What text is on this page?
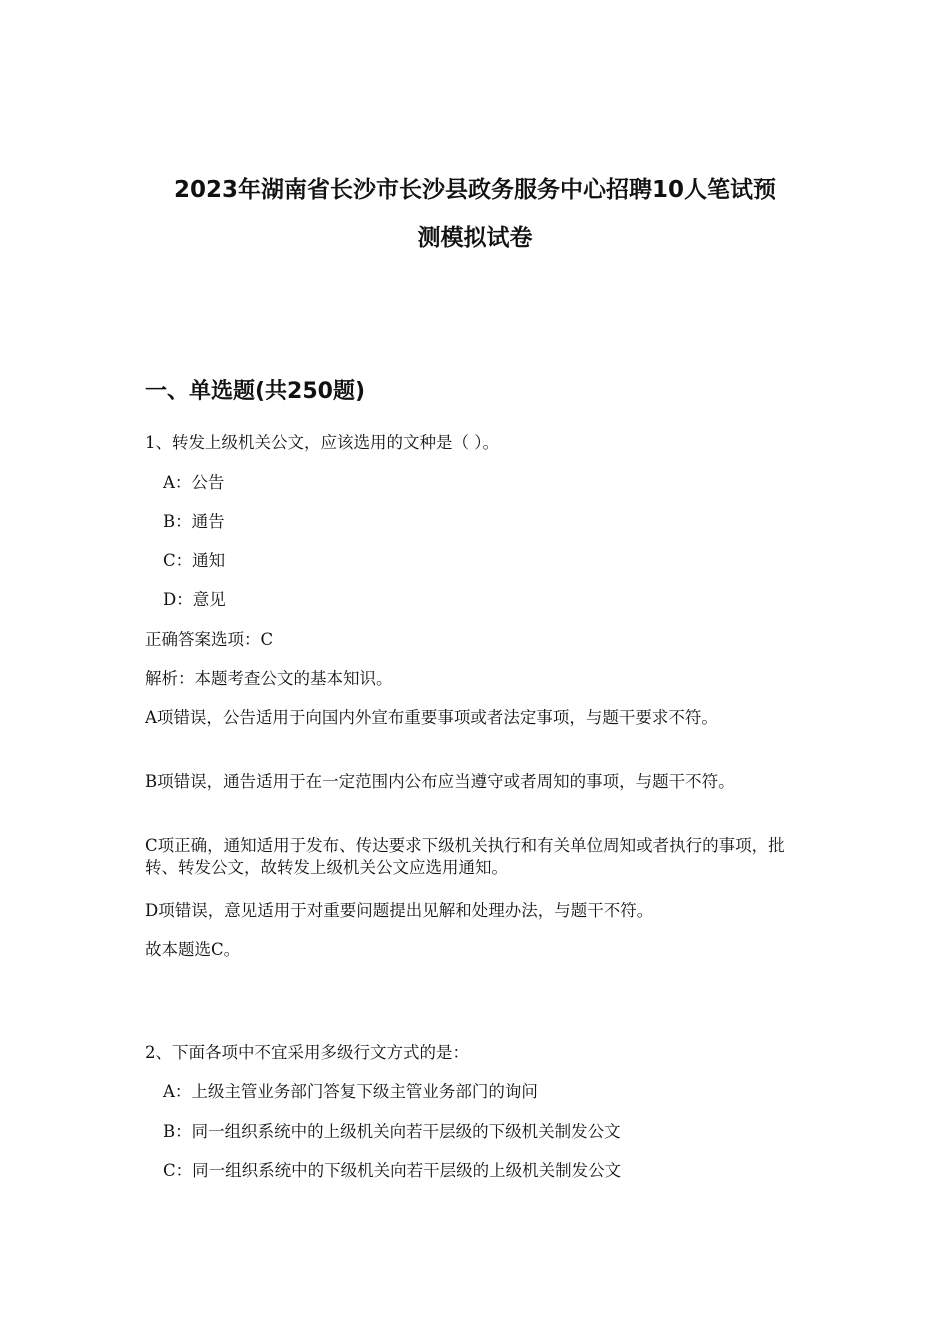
2023年湖南省长沙市长沙县政务服务中心招聘10人笔试预
测模拟试卷
一、单选题(共250题)

1、转发上级机关公文，应该选用的文种是（ ）。

A：公告

B：通告

C：通知

D：意见

正确答案选项：C

解析：本题考查公文的基本知识。

A项错误，公告适用于向国内外宣布重要事项或者法定事项，与题干要求不符。

B项错误，通告适用于在一定范围内公布应当遵守或者周知的事项，与题干不符。

C项正确，通知适用于发布、传达要求下级机关执行和有关单位周知或者执行的事项，批转、转发公文，故转发上级机关公文应选用通知。

D项错误，意见适用于对重要问题提出见解和处理办法，与题干不符。

故本题选C。

2、下面各项中不宜采用多级行文方式的是：

A：上级主管业务部门答复下级主管业务部门的询问

B：同一组织系统中的上级机关向若干层级的下级机关制发公文

C：同一组织系统中的下级机关向若干层级的上级机关制发公文
